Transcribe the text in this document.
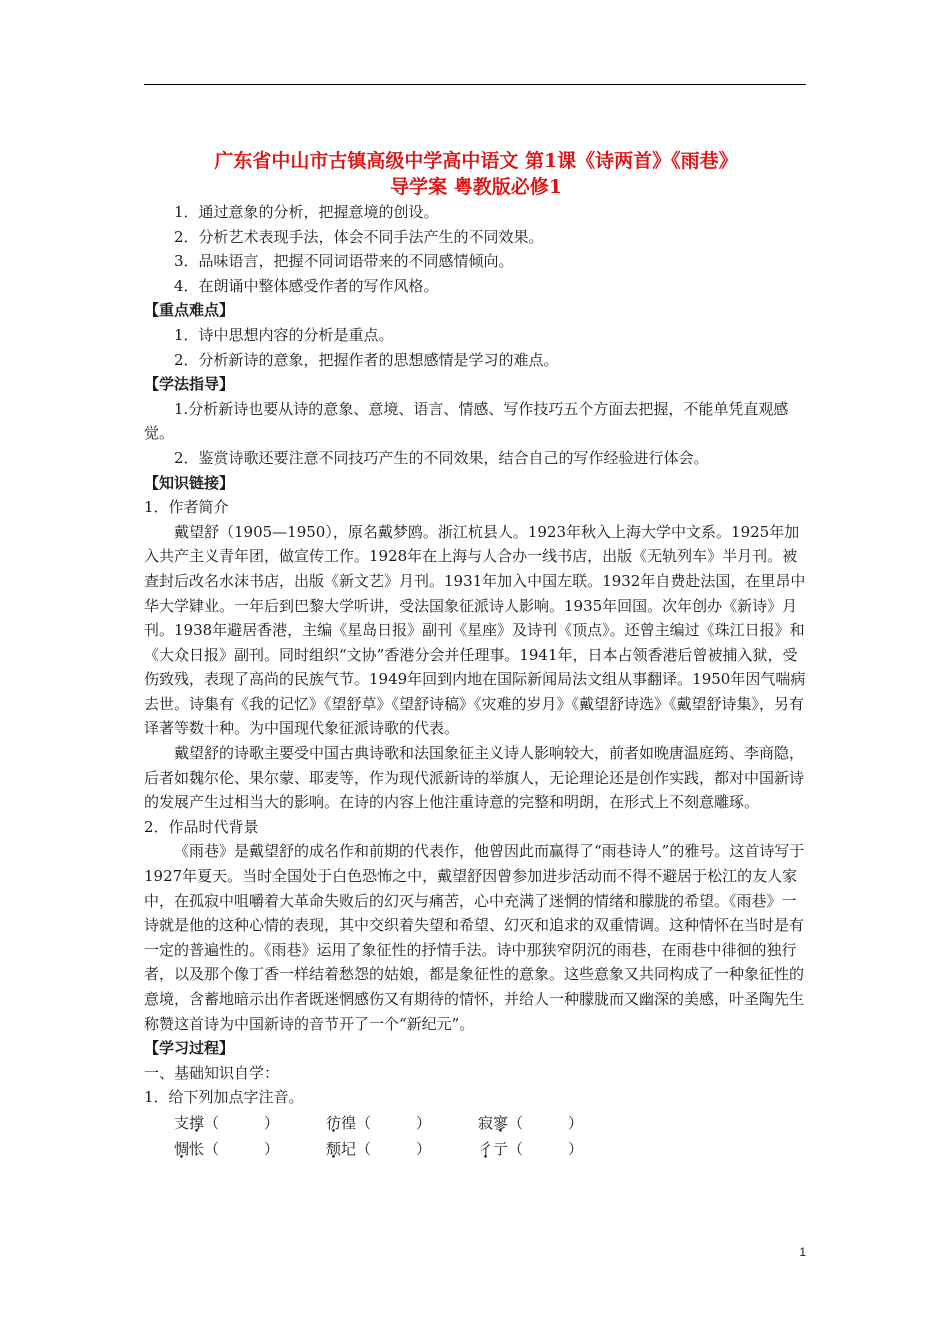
广东省中山市古镇高级中学高中语文 第1课《诗两首》《雨巷》
导学案 粤教版必修1

1．通过意象的分析，把握意境的创设。

2．分析艺术表现手法，体会不同手法产生的不同效果。

3．品味语言，把握不同词语带来的不同感情倾向。

4．在朗诵中整体感受作者的写作风格。

【重点难点】

1．诗中思想内容的分析是重点。

2．分析新诗的意象，把握作者的思想感情是学习的难点。

【学法指导】

1.分析新诗也要从诗的意象、意境、语言、情感、写作技巧五个方面去把握，不能单凭直观感觉。

2．鉴赏诗歌还要注意不同技巧产生的不同效果，结合自己的写作经验进行体会。

【知识链接】

1．作者简介

戴望舒（1905—1950），原名戴梦鸥。浙江杭县人。1923年秋入上海大学中文系。1925年加入共产主义青年团，做宣传工作。1928年在上海与人合办一线书店，出版《无轨列车》半月刊。被查封后改名水沫书店，出版《新文艺》月刊。1931年加入中国左联。1932年自费赴法国，在里昂中华大学肄业。一年后到巴黎大学听讲，受法国象征派诗人影响。1935年回国。次年创办《新诗》月刊。1938年避居香港，主编《星岛日报》副刊《星座》及诗刊《顶点》。还曾主编过《珠江日报》和《大众日报》副刊。同时组织“文协”香港分会并任理事。1941年，日本占领香港后曾被捕入狱，受伤致残，表现了高尚的民族气节。1949年回到内地在国际新闻局法文组从事翻译。1950年因气喘病去世。诗集有《我的记忆》《望舒草》《望舒诗稿》《灾难的岁月》《戴望舒诗选》《戴望舒诗集》，另有译著等数十种。为中国现代象征派诗歌的代表。

戴望舒的诗歌主要受中国古典诗歌和法国象征主义诗人影响较大，前者如晚唐温庭筠、李商隐，后者如魏尔伦、果尔蒙、耶麦等，作为现代派新诗的举旗人，无论理论还是创作实践，都对中国新诗的发展产生过相当大的影响。在诗的内容上他注重诗意的完整和明朗，在形式上不刻意雕琢。

2．作品时代背景

《雨巷》是戴望舒的成名作和前期的代表作，他曾因此而赢得了“雨巷诗人”的雅号。这首诗写于1927年夏天。当时全国处于白色恐怖之中，戴望舒因曾参加进步活动而不得不避居于松江的友人家中，在孤寂中咀嚼着大革命失败后的幻灭与痛苦，心中充满了迷惘的情绪和朦胧的希望。《雨巷》一诗就是他的这种心情的表现，其中交织着失望和希望、幻灭和追求的双重情调。这种情怀在当时是有一定的普遍性的。《雨巷》运用了象征性的抒情手法。诗中那狭窄阴沉的雨巷，在雨巷中徘徊的独行者，以及那个像丁香一样结着愁怨的姑娘，都是象征性的意象。这些意象又共同构成了一种象征性的意境，含蓄地暗示出作者既迷惘感伤又有期待的情怀，并给人一种朦胧而又幽深的美感，叶圣陶先生称赞这首诗为中国新诗的音节开了一个“新纪元”。

【学习过程】

一、基础知识自学：

1．给下列加点字注音。

支撑（　　　）	彷徨（　　　）	寂寥（　　　）
惆怅（　　　）	颓圮（　　　）	彳亍（　　　）
1
